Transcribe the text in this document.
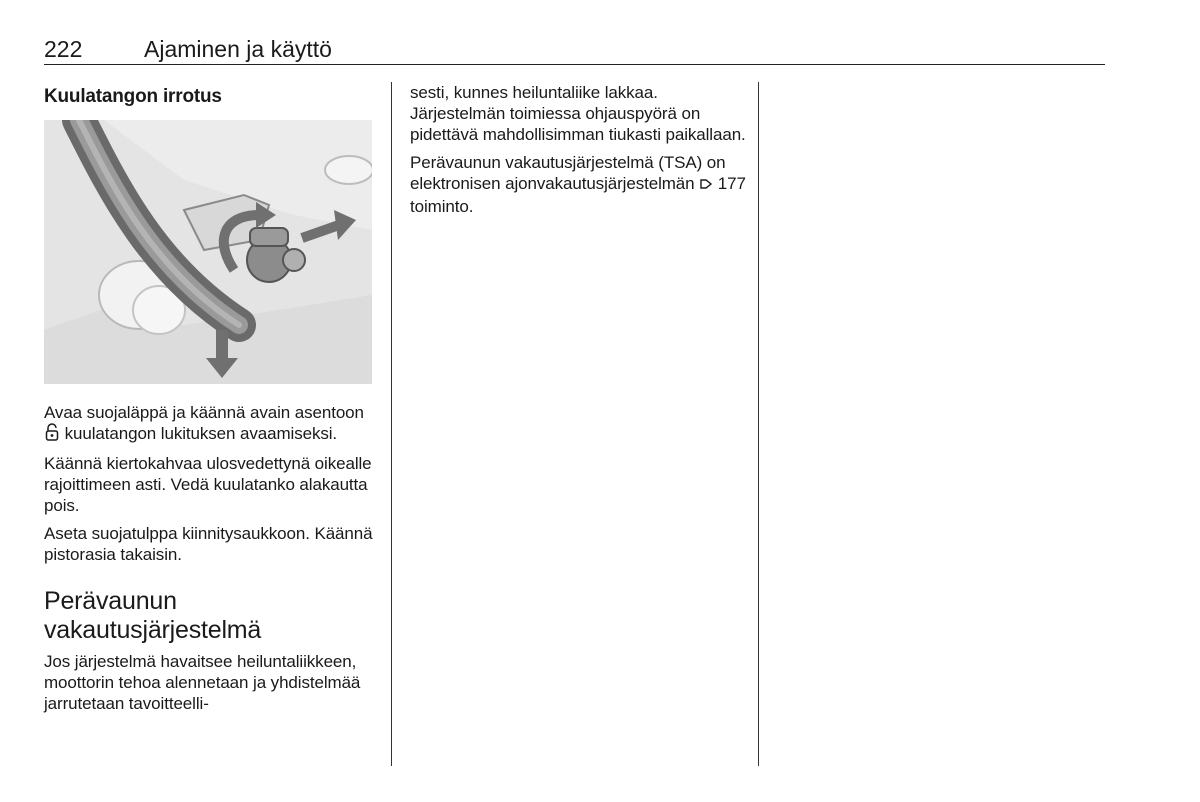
222	Ajaminen ja käyttö
Kuulatangon irrotus

Avaa suojaläppä ja käännä avain asentoon  kuulatangon lukituksen avaamiseksi.

Käännä kiertokahvaa ulosvedettynä oikealle rajoittimeen asti. Vedä kuulatanko alakautta pois.

Aseta suojatulppa kiinnitysaukkoon. Käännä pistorasia takaisin.

Perävaunun
vakautusjärjestelmä

Jos järjestelmä havaitsee heiluntaliikkeen, moottorin tehoa alennetaan ja yhdistelmää jarrutetaan tavoitteelli-

sesti, kunnes heiluntaliike lakkaa. Järjestelmän toimiessa ohjauspyörä on pidettävä mahdollisimman tiukasti paikallaan.

Perävaunun vakautusjärjestelmä (TSA) on elektronisen ajonvakautusjärjestelmän  177 toiminto.
